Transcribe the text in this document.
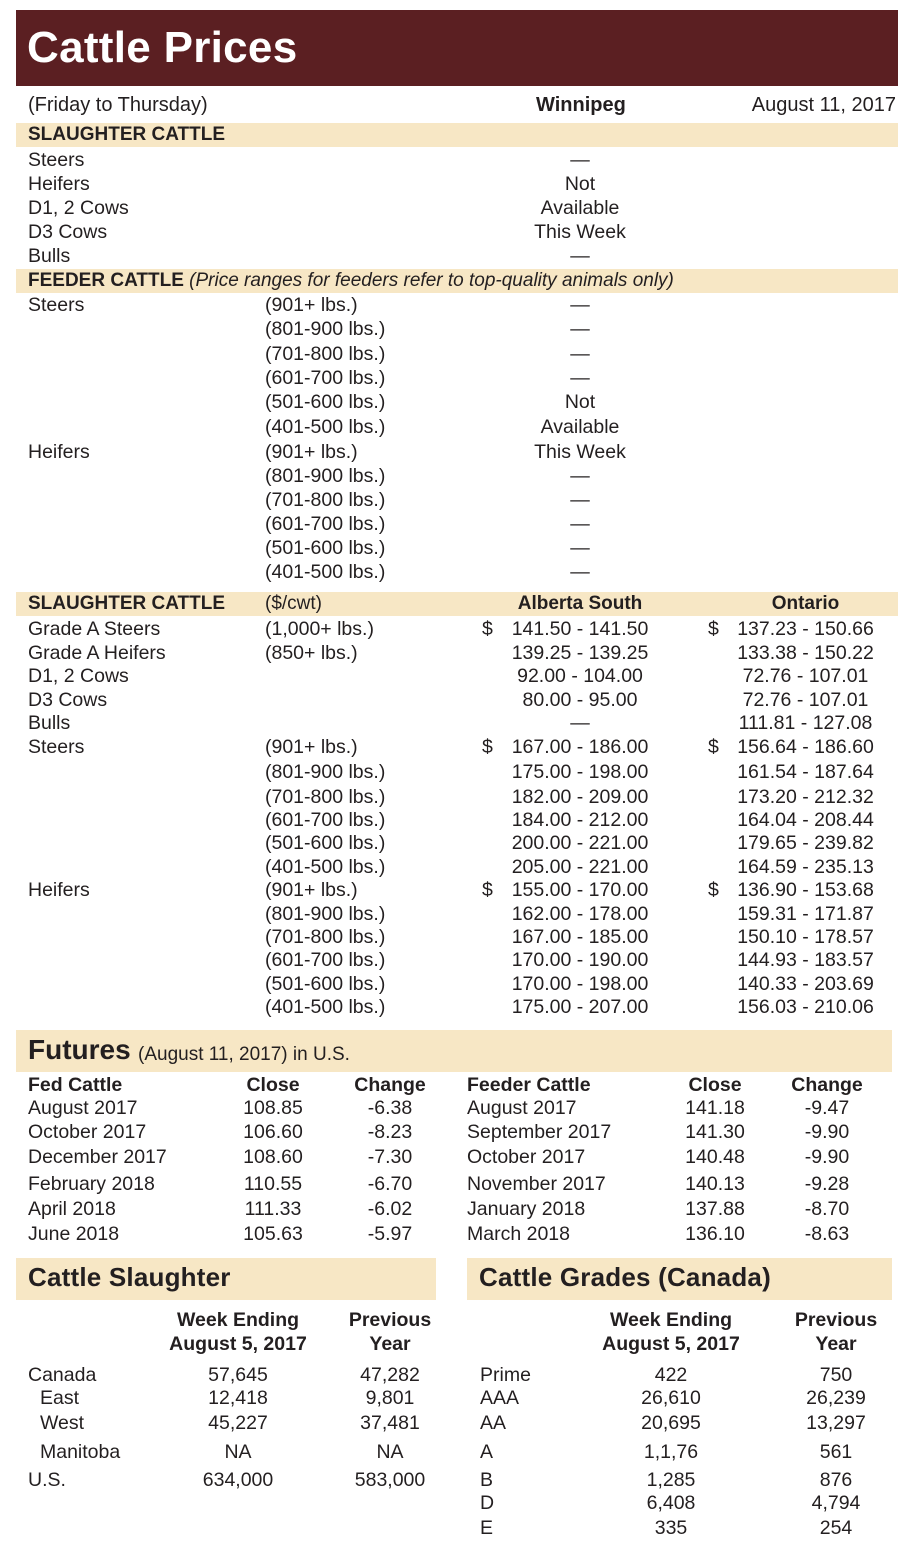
Cattle Prices
(Friday to Thursday)	Winnipeg	August 11, 2017
SLAUGHTER CATTLE
Steers	—
Heifers	Not
D1, 2 Cows	Available
D3 Cows	This Week
Bulls	—
FEEDER CATTLE (Price ranges for feeders refer to top-quality animals only)
Steers	(901+ lbs.)	—
(801-900 lbs.)	—
(701-800 lbs.)	—
(601-700 lbs.)	—
(501-600 lbs.)	Not
(401-500 lbs.)	Available
Heifers	(901+ lbs.)	This Week
(801-900 lbs.)	—
(701-800 lbs.)	—
(601-700 lbs.)	—
(501-600 lbs.)	—
(401-500 lbs.)	—
SLAUGHTER CATTLE ($/cwt)	Alberta South	Ontario
Grade A Steers	(1,000+ lbs.)	$ 141.50 - 141.50	$ 137.23 - 150.66
Grade A Heifers	(850+ lbs.)	139.25 - 139.25	133.38 - 150.22
D1, 2 Cows	92.00 - 104.00	72.76 - 107.01
D3 Cows	80.00 - 95.00	72.76 - 107.01
Bulls	—	111.81 - 127.08
Steers	(901+ lbs.)	$ 167.00 - 186.00	$ 156.64 - 186.60
(801-900 lbs.)	175.00 - 198.00	161.54 - 187.64
(701-800 lbs.)	182.00 - 209.00	173.20 - 212.32
(601-700 lbs.)	184.00 - 212.00	164.04 - 208.44
(501-600 lbs.)	200.00 - 221.00	179.65 - 239.82
(401-500 lbs.)	205.00 - 221.00	164.59 - 235.13
Heifers	(901+ lbs.)	$ 155.00 - 170.00	$ 136.90 - 153.68
(801-900 lbs.)	162.00 - 178.00	159.31 - 171.87
(701-800 lbs.)	167.00 - 185.00	150.10 - 178.57
(601-700 lbs.)	170.00 - 190.00	144.93 - 183.57
(501-600 lbs.)	170.00 - 198.00	140.33 - 203.69
(401-500 lbs.)	175.00 - 207.00	156.03 - 210.06
Futures (August 11, 2017) in U.S.
Fed Cattle	Close	Change
August 2017	108.85	-6.38
October 2017	106.60	-8.23
December 2017	108.60	-7.30
February 2018	110.55	-6.70
April 2018	111.33	-6.02
June 2018	105.63	-5.97
Feeder Cattle	Close	Change
August 2017	141.18	-9.47
September 2017	141.30	-9.90
October 2017	140.48	-9.90
November 2017	140.13	-9.28
January 2018	137.88	-8.70
March 2018	136.10	-8.63
Cattle Slaughter	Cattle Grades (Canada)
Week Ending	Previous
August 5, 2017	Year
Canada	57,645	47,282
East	12,418	9,801
West	45,227	37,481
Manitoba	NA	NA
U.S.	634,000	583,000
Week Ending	Previous
August 5, 2017	Year
Prime	422	750
AAA	26,610	26,239
AA	20,695	13,297
A	1,1,76	561
B	1,285	876
D	6,408	4,794
E	335	254
